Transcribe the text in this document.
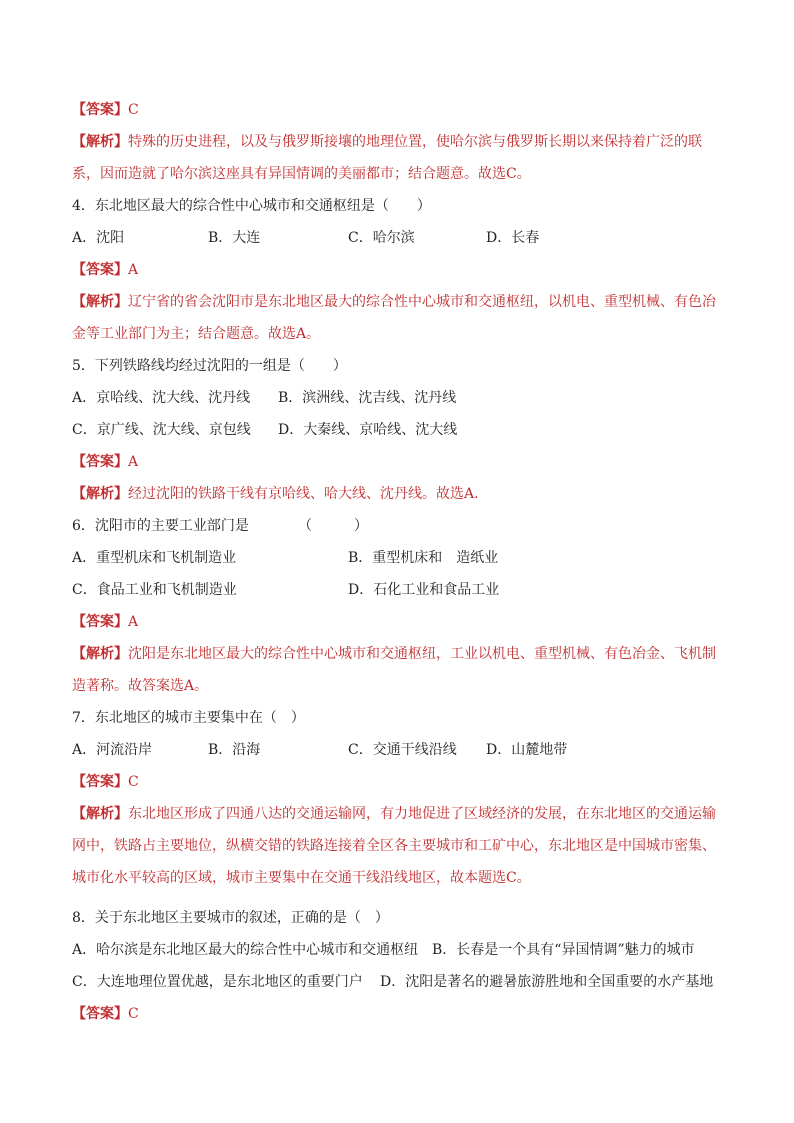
【答案】C
【解析】特殊的历史进程，以及与俄罗斯接壤的地理位置，使哈尔滨与俄罗斯长期以来保持着广泛的联
系，因而造就了哈尔滨这座具有异国情调的美丽都市；结合题意。故选C。
4．东北地区最大的综合性中心城市和交通枢纽是（　　）
A．沈阳	B．大连	C．哈尔滨	D．长春
【答案】A
【解析】辽宁省的省会沈阳市是东北地区最大的综合性中心城市和交通枢纽，以机电、重型机械、有色冶
金等工业部门为主；结合题意。故选A。
5．下列铁路线均经过沈阳的一组是（　　）
A．京哈线、沈大线、沈丹线 B．滨洲线、沈吉线、沈丹线
C．京广线、沈大线、京包线 D．大秦线、京哈线、沈大线
【答案】A
【解析】经过沈阳的铁路干线有京哈线、哈大线、沈丹线。故选A.
6．沈阳市的主要工业部门是	（　　　）
A．重型机床和飞机制造业	B．重型机床和　造纸业
C．食品工业和飞机制造业	D．石化工业和食品工业
【答案】A
【解析】沈阳是东北地区最大的综合性中心城市和交通枢纽，工业以机电、重型机械、有色冶金、飞机制
造著称。故答案选A。
7．东北地区的城市主要集中在（　）
A．河流沿岸	B．沿海	C．交通干线沿线 D．山麓地带
【答案】C
【解析】东北地区形成了四通八达的交通运输网，有力地促进了区域经济的发展，在东北地区的交通运输
网中，铁路占主要地位，纵横交错的铁路连接着全区各主要城市和工矿中心，东北地区是中国城市密集、
城市化水平较高的区域，城市主要集中在交通干线沿线地区，故本题选C。
8．关于东北地区主要城市的叙述，正确的是（　）
A．哈尔滨是东北地区最大的综合性中心城市和交通枢纽 B．长春是一个具有“异国情调”魅力的城市
C．大连地理位置优越，是东北地区的重要门户 D．沈阳是著名的避暑旅游胜地和全国重要的水产基地
【答案】C
